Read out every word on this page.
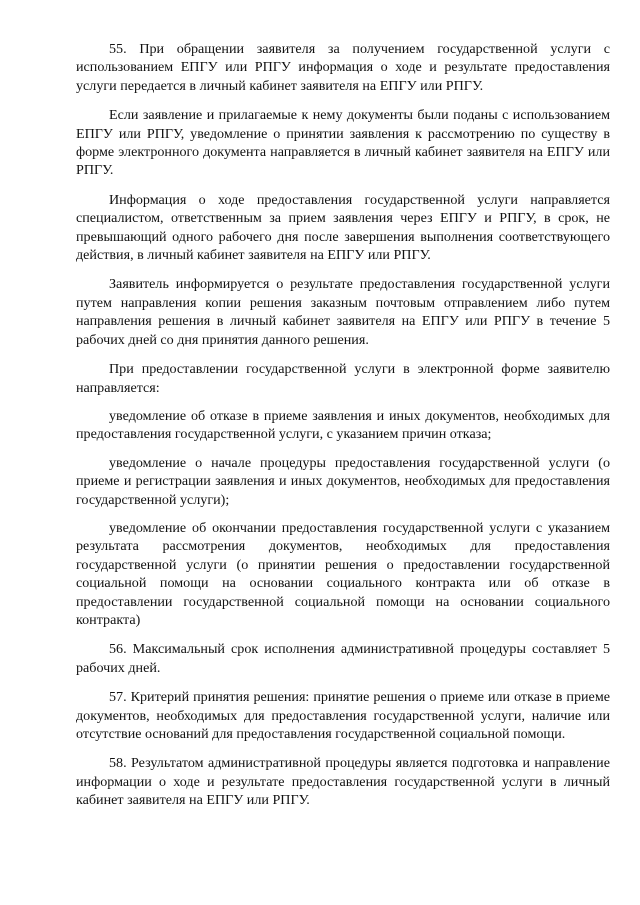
55. При обращении заявителя за получением государственной услуги с использованием ЕПГУ или РПГУ информация о ходе и результате предоставления услуги передается в личный кабинет заявителя на ЕПГУ или РПГУ.

Если заявление и прилагаемые к нему документы были поданы с использованием ЕПГУ или РПГУ, уведомление о принятии заявления к рассмотрению по существу в форме электронного документа направляется в личный кабинет заявителя на ЕПГУ или РПГУ.

Информация о ходе предоставления государственной услуги направляется специалистом, ответственным за прием заявления через ЕПГУ и РПГУ, в срок, не превышающий одного рабочего дня после завершения выполнения соответствующего действия, в личный кабинет заявителя на ЕПГУ или РПГУ.

Заявитель информируется о результате предоставления государственной услуги путем направления копии решения заказным почтовым отправлением либо путем направления решения в личный кабинет заявителя на ЕПГУ или РПГУ в течение 5 рабочих дней со дня принятия данного решения.

При предоставлении государственной услуги в электронной форме заявителю направляется:

уведомление об отказе в приеме заявления и иных документов, необходимых для предоставления государственной услуги, с указанием причин отказа;

уведомление о начале процедуры предоставления государственной услуги (о приеме и регистрации заявления и иных документов, необходимых для предоставления государственной услуги);

уведомление об окончании предоставления государственной услуги с указанием результата рассмотрения документов, необходимых для предоставления государственной услуги (о принятии решения о предоставлении государственной социальной помощи на основании социального контракта или об отказе в предоставлении государственной социальной помощи на основании социального контракта)

56. Максимальный срок исполнения административной процедуры составляет 5 рабочих дней.

57. Критерий принятия решения: принятие решения о приеме или отказе в приеме документов, необходимых для предоставления государственной услуги, наличие или отсутствие оснований для предоставления государственной социальной помощи.

58. Результатом административной процедуры является подготовка и направление информации о ходе и результате предоставления государственной услуги в личный кабинет заявителя на ЕПГУ или РПГУ.
